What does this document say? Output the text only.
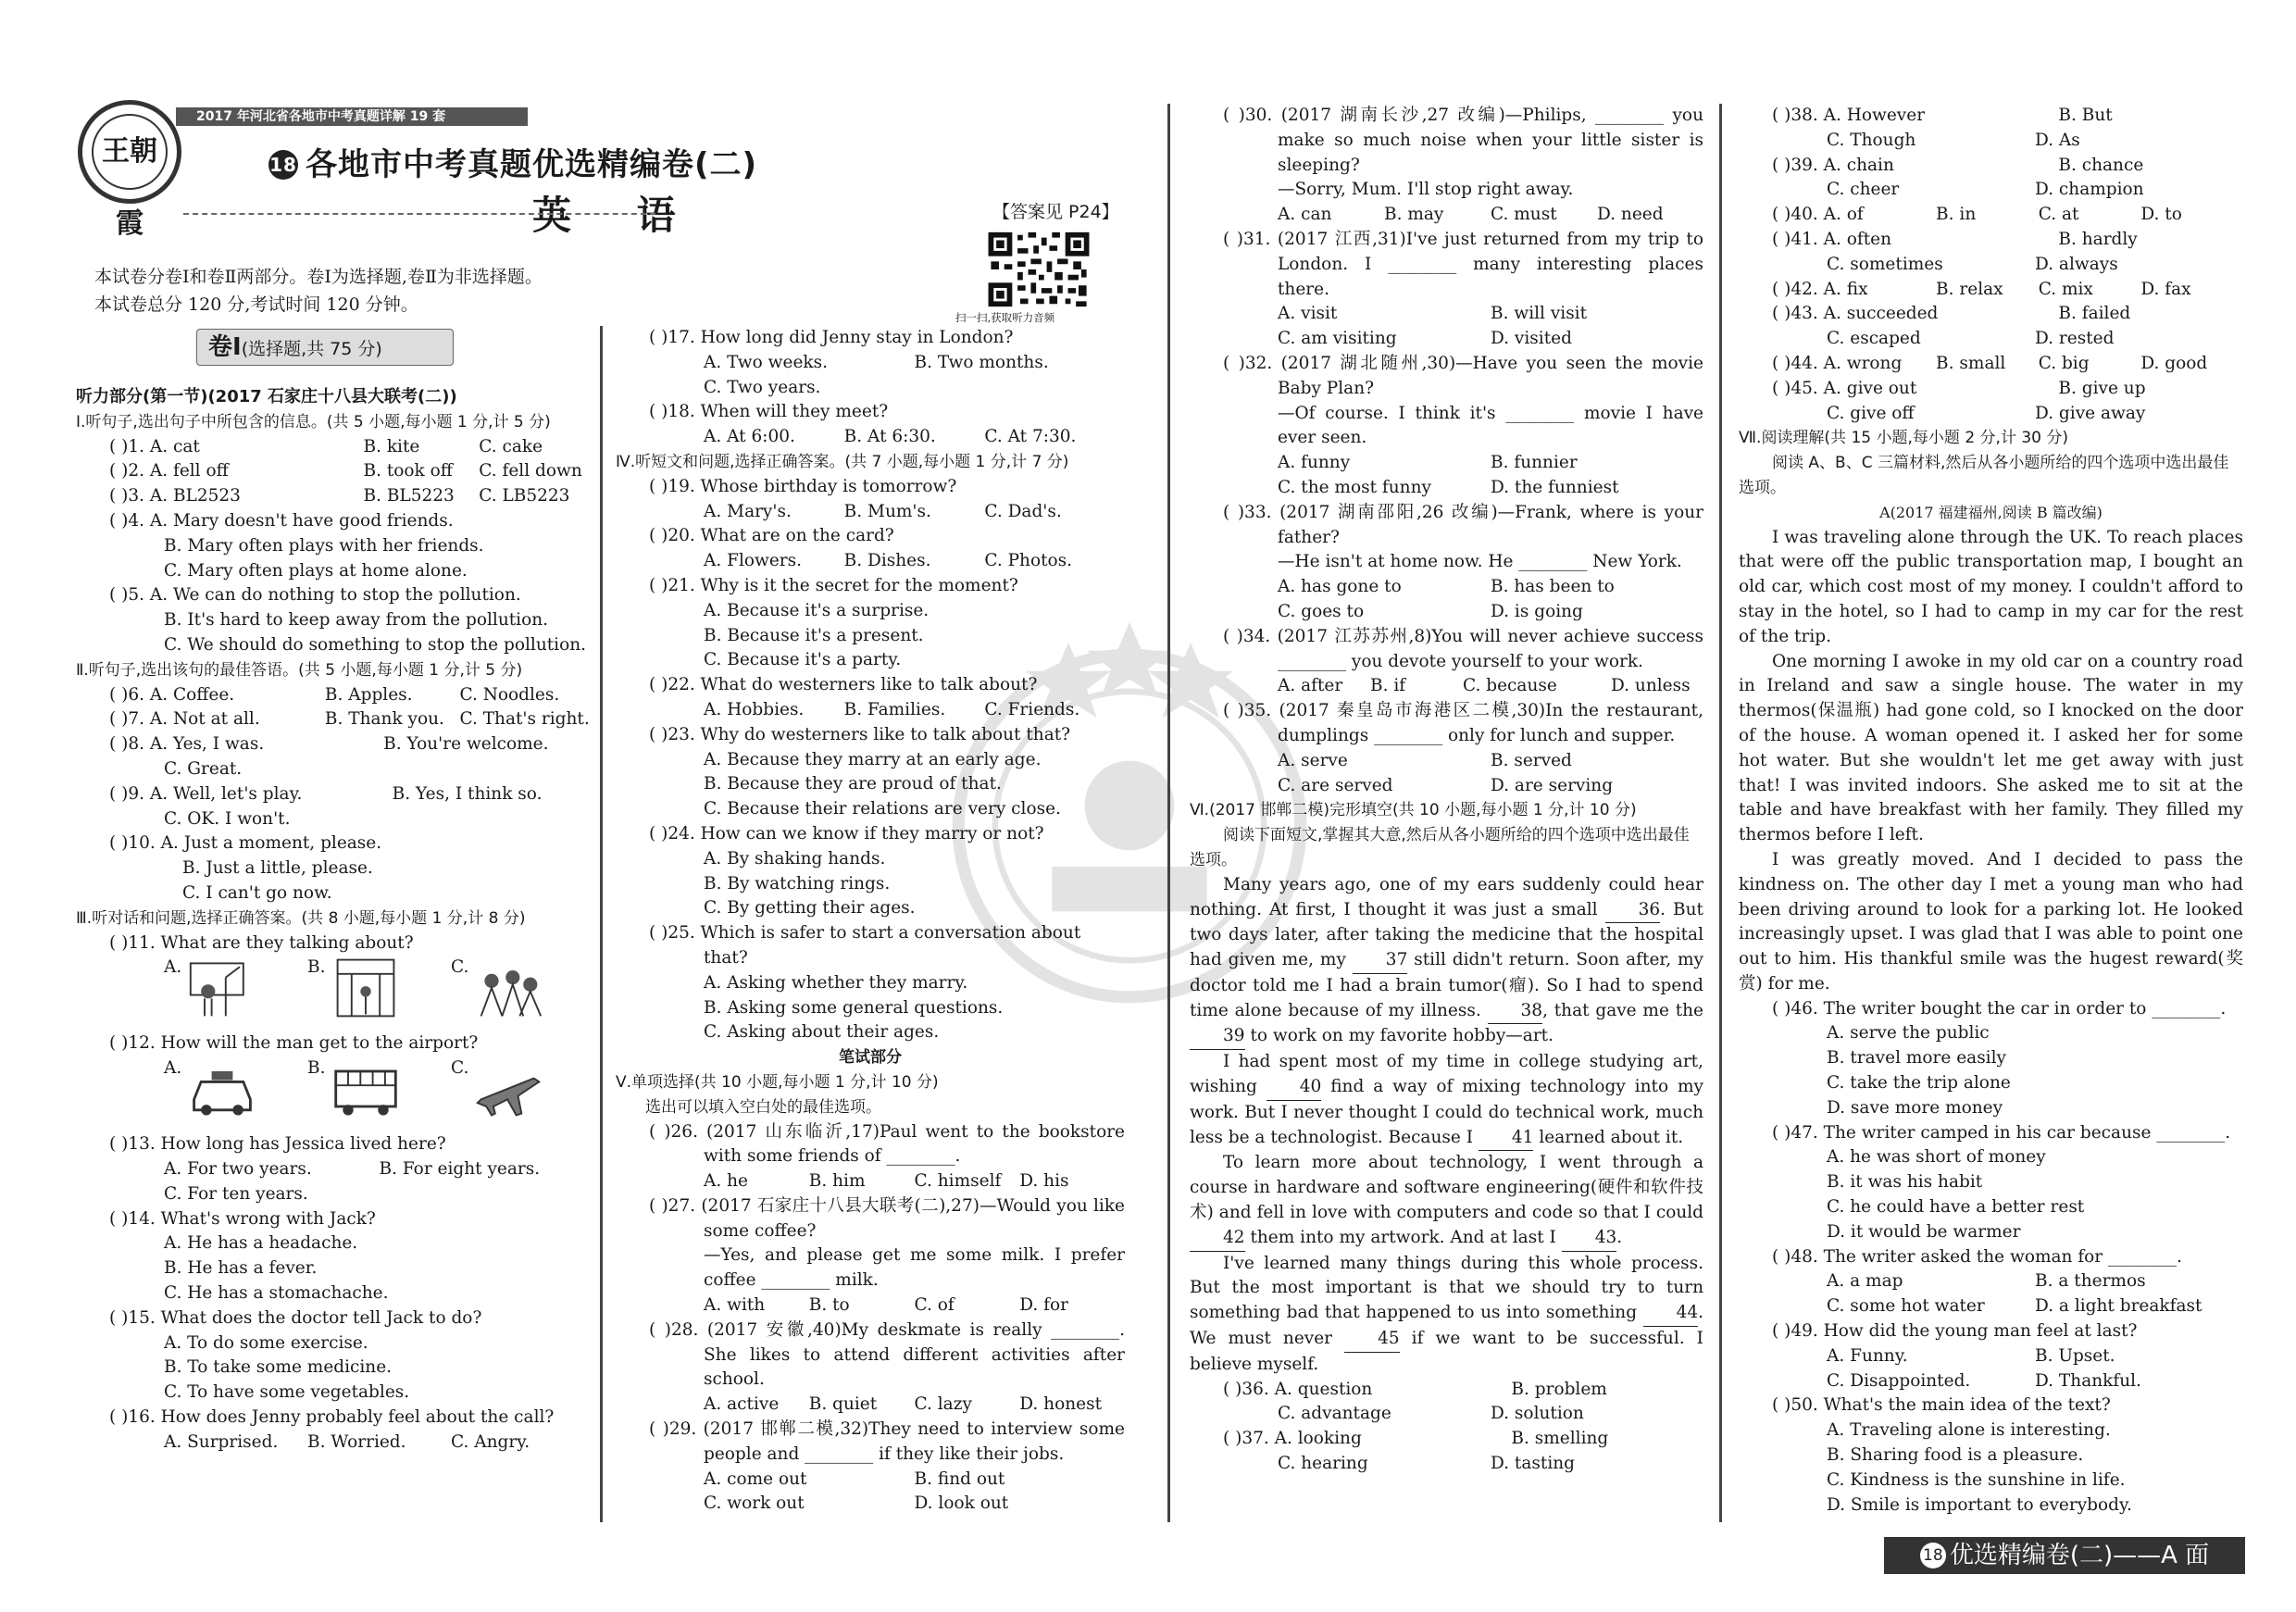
王朝霞
2017 年河北省各地市中考真题详解 19 套
18 各地市中考真题优选精编卷(二)
英 语	【答案见 P24】
扫一扫,获取听力音频
本试卷分卷Ⅰ和卷Ⅱ两部分。卷Ⅰ为选择题,卷Ⅱ为非选择题。
本试卷总分 120 分,考试时间 120 分钟。
卷Ⅰ(选择题,共 75 分)
听力部分(第一节)(2017 石家庄十八县大联考(二))
Ⅰ.听句子,选出句子中所包含的信息。(共 5 小题,每小题 1 分,计 5 分)
( )1. A. cat	B. kite	C. cake
( )2. A. fell off	B. took off	C. fell down
( )3. A. BL2523	B. BL5223	C. LB5223
( )4. A. Mary doesn't have good friends.
B. Mary often plays with her friends.
C. Mary often plays at home alone.
( )5. A. We can do nothing to stop the pollution.
B. It's hard to keep away from the pollution.
C. We should do something to stop the pollution.
Ⅱ.听句子,选出该句的最佳答语。(共 5 小题,每小题 1 分,计 5 分)
( )6. A. Coffee.	B. Apples.	C. Noodles.
( )7. A. Not at all.	B. Thank you. C. That's right.
( )8. A. Yes, I was.	B. You're welcome.
C. Great.
( )9. A. Well, let's play.	B. Yes, I think so.
C. OK. I won't.
( )10. A. Just a moment, please.
B. Just a little, please.
C. I can't go now.
Ⅲ.听对话和问题,选择正确答案。(共 8 小题,每小题 1 分,计 8 分)
( )11. What are they talking about?
A.	B.	C.
( )12. How will the man get to the airport?
A.	B.	C.
( )13. How long has Jessica lived here?
A. For two years.	B. For eight years.
C. For ten years.
( )14. What's wrong with Jack?
A. He has a headache.
B. He has a fever.
C. He has a stomachache.
( )15. What does the doctor tell Jack to do?
A. To do some exercise.
B. To take some medicine.
C. To have some vegetables.
( )16. How does Jenny probably feel about the call?
A. Surprised.	B. Worried.	C. Angry.
( )17. How long did Jenny stay in London?
A. Two weeks.	B. Two months.
C. Two years.
( )18. When will they meet?
A. At 6:00.	B. At 6:30.	C. At 7:30.
Ⅳ.听短文和问题,选择正确答案。(共 7 小题,每小题 1 分,计 7 分)
( )19. Whose birthday is tomorrow?
A. Mary's.	B. Mum's.	C. Dad's.
( )20. What are on the card?
A. Flowers.	B. Dishes.	C. Photos.
( )21. Why is it the secret for the moment?
A. Because it's a surprise.
B. Because it's a present.
C. Because it's a party.
( )22. What do westerners like to talk about?
A. Hobbies.	B. Families.	C. Friends.
( )23. Why do westerners like to talk about that?
A. Because they marry at an early age.
B. Because they are proud of that.
C. Because their relations are very close.
( )24. How can we know if they marry or not?
A. By shaking hands.
B. By watching rings.
C. By getting their ages.
( )25. Which is safer to start a conversation about that?
A. Asking whether they marry.
B. Asking some general questions.
C. Asking about their ages.
笔试部分
Ⅴ.单项选择(共 10 小题,每小题 1 分,计 10 分)
选出可以填入空白处的最佳选项。
( )26. (2017 山东临沂,17)Paul went to the bookstore with some friends of ________.
A. he	B. him	C. himself	D. his
( )27. (2017 石家庄十八县大联考(二),27)—Would you like some coffee?
—Yes, and please get me some milk. I prefer coffee ________ milk.
A. with	B. to	C. of	D. for
( )28. (2017 安徽,40)My deskmate is really ________. She likes to attend different activities after school.
A. active	B. quiet	C. lazy	D. honest
( )29. (2017 邯郸二模,32)They need to interview some people and ________ if they like their jobs.
A. come out	B. find out
C. work out	D. look out
( )30. (2017 湖南长沙,27 改编)—Philips, ________ you make so much noise when your little sister is sleeping?
—Sorry, Mum. I'll stop right away.
A. can	B. may	C. must	D. need
( )31. (2017 江西,31)I've just returned from my trip to London. I ________ many interesting places there.
A. visit	B. will visit
C. am visiting	D. visited
( )32. (2017 湖北随州,30)—Have you seen the movie Baby Plan?
—Of course. I think it's ________ movie I have ever seen.
A. funny	B. funnier
C. the most funny	D. the funniest
( )33. (2017 湖南邵阳,26 改编)—Frank, where is your father?
—He isn't at home now. He ________ New York.
A. has gone to	B. has been to
C. goes to	D. is going
( )34. (2017 江苏苏州,8)You will never achieve success ________ you devote yourself to your work.
A. after	B. if	C. because	D. unless
( )35. (2017 秦皇岛市海港区二模,30)In the restaurant, dumplings ________ only for lunch and supper.
A. serve	B. served
C. are served	D. are serving
Ⅵ.(2017 邯郸二模)完形填空(共 10 小题,每小题 1 分,计 10 分)
阅读下面短文,掌握其大意,然后从各小题所给的四个选项中选出最佳选项。
Many years ago, one of my ears suddenly could hear nothing. At first, I thought it was just a small 36. But two days later, after taking the medicine that the hospital had given me, my 37 still didn't return. Soon after, my doctor told me I had a brain tumor(瘤). So I had to spend time alone because of my illness. 38, that gave me the 39 to work on my favorite hobby—art.
I had spent most of my time in college studying art, wishing 40 find a way of mixing technology into my work. But I never thought I could do technical work, much less be a technologist. Because I 41 learned about it.
To learn more about technology, I went through a course in hardware and software engineering(硬件和软件技术) and fell in love with computers and code so that I could 42 them into my artwork. And at last I 43.
I've learned many things during this whole process. But the most important is that we should try to turn something bad that happened to us into something 44. We must never	45 if we want to be successful. I believe myself.
( )36. A. question	B. problem
C. advantage	D. solution
( )37. A. looking	B. smelling
C. hearing	D. tasting
( )38. A. However	B. But
C. Though	D. As
( )39. A. chain	B. chance
C. cheer	D. champion
( )40. A. of	B. in	C. at	D. to
( )41. A. often	B. hardly
C. sometimes	D. always
( )42. A. fix	B. relax	C. mix	D. fax
( )43. A. succeeded	B. failed
C. escaped	D. rested
( )44. A. wrong	B. small	C. big	D. good
( )45. A. give out	B. give up
C. give off	D. give away
Ⅶ.阅读理解(共 15 小题,每小题 2 分,计 30 分)
阅读 A、B、C 三篇材料,然后从各小题所给的四个选项中选出最佳选项。
A(2017 福建福州,阅读 B 篇改编)
I was traveling alone through the UK. To reach places that were off the public transportation map, I bought an old car, which cost most of my money. I couldn't afford to stay in the hotel, so I had to camp in my car for the rest of the trip.
One morning I awoke in my old car on a country road in Ireland and saw a single house. The water in my thermos(保温瓶) had gone cold, so I knocked on the door of the house. A woman opened it. I asked her for some hot water. But she wouldn't let me get away with just that! I was invited indoors. She asked me to sit at the table and have breakfast with her family. They filled my thermos before I left.
I was greatly moved. And I decided to pass the kindness on. The other day I met a young man who had been driving around to look for a parking lot. He looked increasingly upset. I was glad that I was able to point one out to him. His thankful smile was the hugest reward(奖赏) for me.
( )46. The writer bought the car in order to ________.
A. serve the public
B. travel more easily
C. take the trip alone
D. save more money
( )47. The writer camped in his car because ________.
A. he was short of money
B. it was his habit
C. he could have a better rest
D. it would be warmer
( )48. The writer asked the woman for ________.
A. a map	B. a thermos
C. some hot water	D. a light breakfast
( )49. How did the young man feel at last?
A. Funny.	B. Upset.
C. Disappointed.	D. Thankful.
( )50. What's the main idea of the text?
A. Traveling alone is interesting.
B. Sharing food is a pleasure.
C. Kindness is the sunshine in life.
D. Smile is important to everybody.
18 优选精编卷(二)——A 面
